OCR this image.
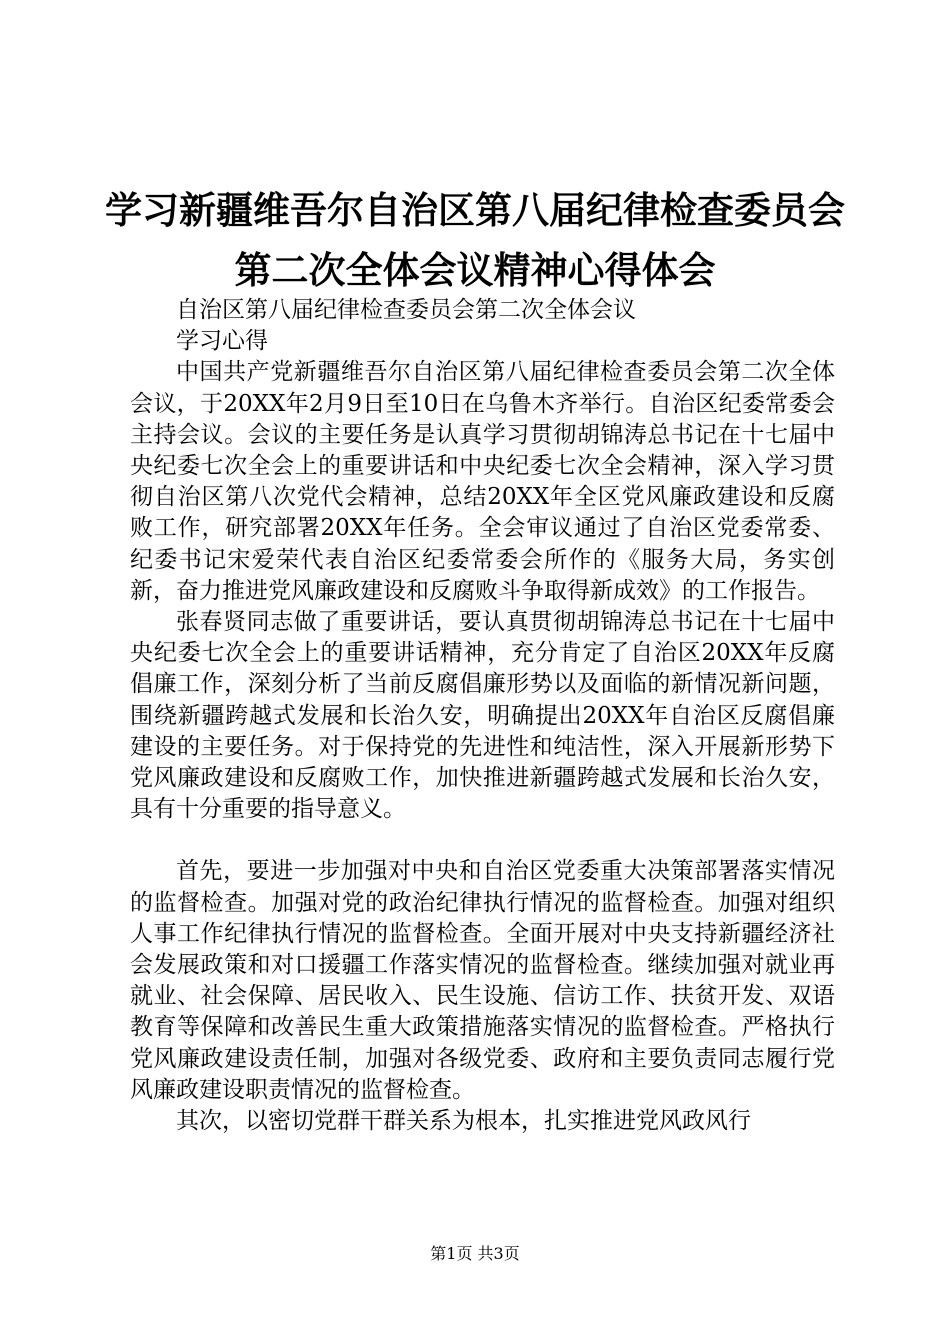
学习新疆维吾尔自治区第八届纪律检查委员会
第二次全体会议精神心得体会

自治区第八届纪律检查委员会第二次全体会议

学习心得

中国共产党新疆维吾尔自治区第八届纪律检查委员会第二次全体会议，于20XX年2月9日至10日在乌鲁木齐举行。自治区纪委常委会主持会议。会议的主要任务是认真学习贯彻胡锦涛总书记在十七届中央纪委七次全会上的重要讲话和中央纪委七次全会精神，深入学习贯彻自治区第八次党代会精神，总结20XX年全区党风廉政建设和反腐败工作，研究部署20XX年任务。全会审议通过了自治区党委常委、纪委书记宋爱荣代表自治区纪委常委会所作的《服务大局，务实创新，奋力推进党风廉政建设和反腐败斗争取得新成效》的工作报告。

张春贤同志做了重要讲话，要认真贯彻胡锦涛总书记在十七届中央纪委七次全会上的重要讲话精神，充分肯定了自治区20XX年反腐倡廉工作，深刻分析了当前反腐倡廉形势以及面临的新情况新问题，围绕新疆跨越式发展和长治久安，明确提出20XX年自治区反腐倡廉建设的主要任务。对于保持党的先进性和纯洁性，深入开展新形势下党风廉政建设和反腐败工作，加快推进新疆跨越式发展和长治久安，具有十分重要的指导意义。

首先，要进一步加强对中央和自治区党委重大决策部署落实情况的监督检查。加强对党的政治纪律执行情况的监督检查。加强对组织人事工作纪律执行情况的监督检查。全面开展对中央支持新疆经济社会发展政策和对口援疆工作落实情况的监督检查。继续加强对就业再就业、社会保障、居民收入、民生设施、信访工作、扶贫开发、双语教育等保障和改善民生重大政策措施落实情况的监督检查。严格执行党风廉政建设责任制，加强对各级党委、政府和主要负责同志履行党风廉政建设职责情况的监督检查。

其次，以密切党群干群关系为根本，扎实推进党风政风行

第1页 共3页
